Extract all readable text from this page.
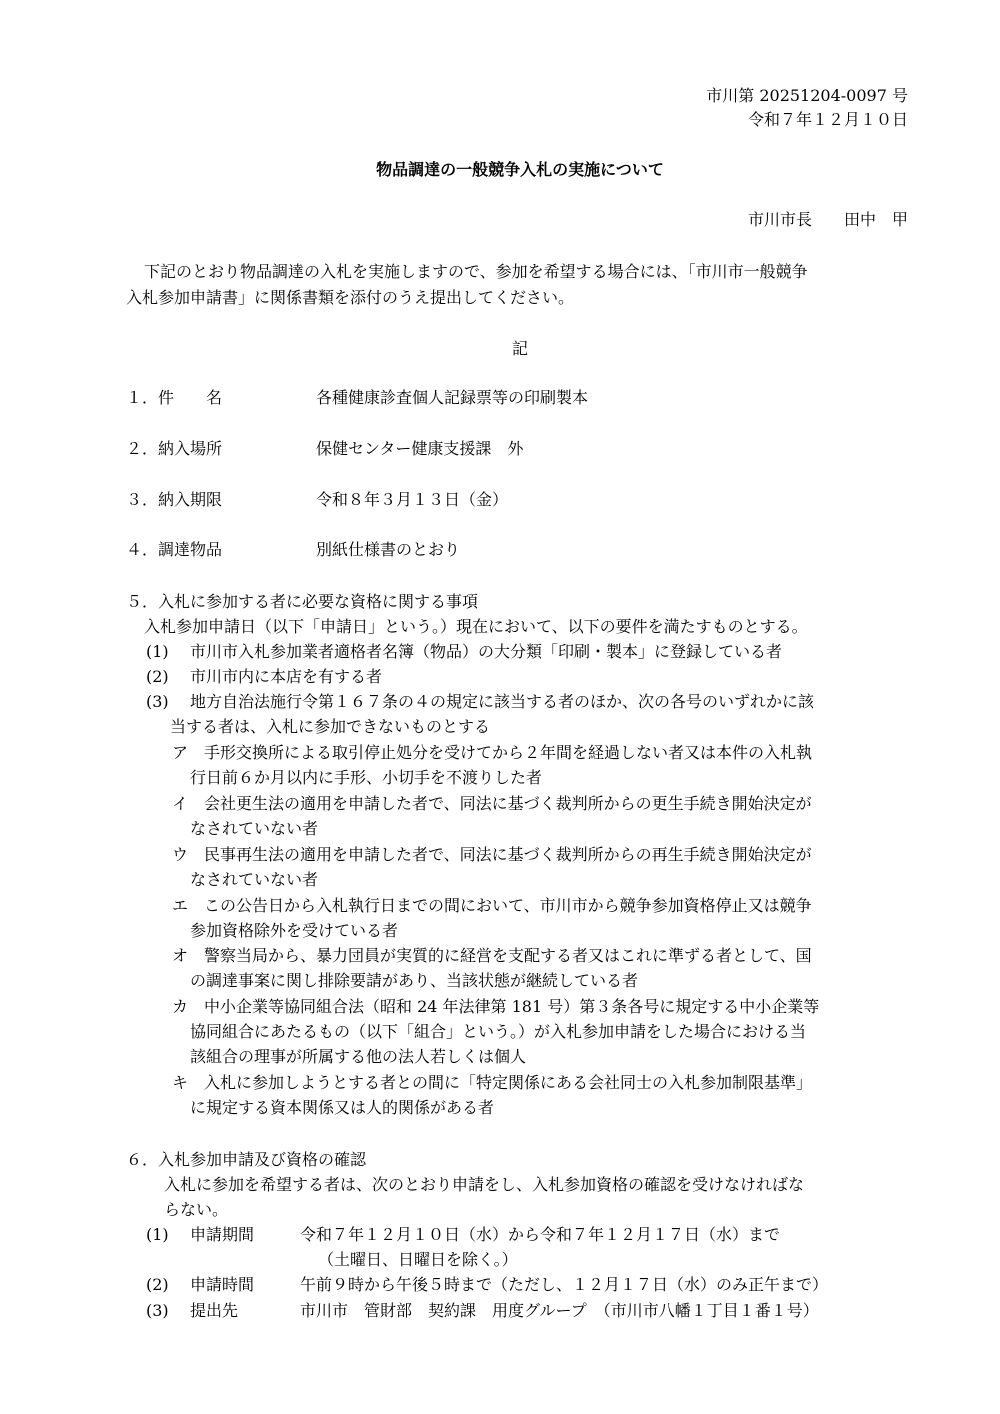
市川第 20251204-0097 号
令和７年１２月１０日
物品調達の一般競争入札の実施について
市川市長　　田中　甲
下記のとおり物品調達の入札を実施しますので、参加を希望する場合には、「市川市一般競争
入札参加申請書」に関係書類を添付のうえ提出してください。
記
１．件　　名	各種健康診査個人記録票等の印刷製本
２．納入場所	保健センター健康支援課　外
３．納入期限	令和８年３月１３日（金）
４．調達物品	別紙仕様書のとおり
５．入札に参加する者に必要な資格に関する事項
入札参加申請日（以下「申請日」という。）現在において、以下の要件を満たすものとする。
(1) 市川市入札参加業者適格者名簿（物品）の大分類「印刷・製本」に登録している者
(2) 市川市内に本店を有する者
(3) 地方自治法施行令第１６７条の４の規定に該当する者のほか、次の各号のいずれかに該
当する者は、入札に参加できないものとする
ア　手形交換所による取引停止処分を受けてから２年間を経過しない者又は本件の入札執
行日前６か月以内に手形、小切手を不渡りした者
イ　会社更生法の適用を申請した者で、同法に基づく裁判所からの更生手続き開始決定が
なされていない者
ウ　民事再生法の適用を申請した者で、同法に基づく裁判所からの再生手続き開始決定が
なされていない者
エ　この公告日から入札執行日までの間において、市川市から競争参加資格停止又は競争
参加資格除外を受けている者
オ　警察当局から、暴力団員が実質的に経営を支配する者又はこれに準ずる者として、国
の調達事案に関し排除要請があり、当該状態が継続している者
カ　中小企業等協同組合法（昭和 24 年法律第 181 号）第３条各号に規定する中小企業等
協同組合にあたるもの（以下「組合」という。）が入札参加申請をした場合における当
該組合の理事が所属する他の法人若しくは個人
キ　入札に参加しようとする者との間に「特定関係にある会社同士の入札参加制限基準」
に規定する資本関係又は人的関係がある者
６．入札参加申請及び資格の確認
入札に参加を希望する者は、次のとおり申請をし、入札参加資格の確認を受けなければな
らない。
(1) 申請期間	令和７年１２月１０日（水）から令和７年１２月１７日（水）まで
（土曜日、日曜日を除く。）
(2) 申請時間	午前９時から午後５時まで（ただし、１２月１７日（水）のみ正午まで）
(3) 提出先	市川市　管財部　契約課　用度グループ　（市川市八幡１丁目１番１号）
